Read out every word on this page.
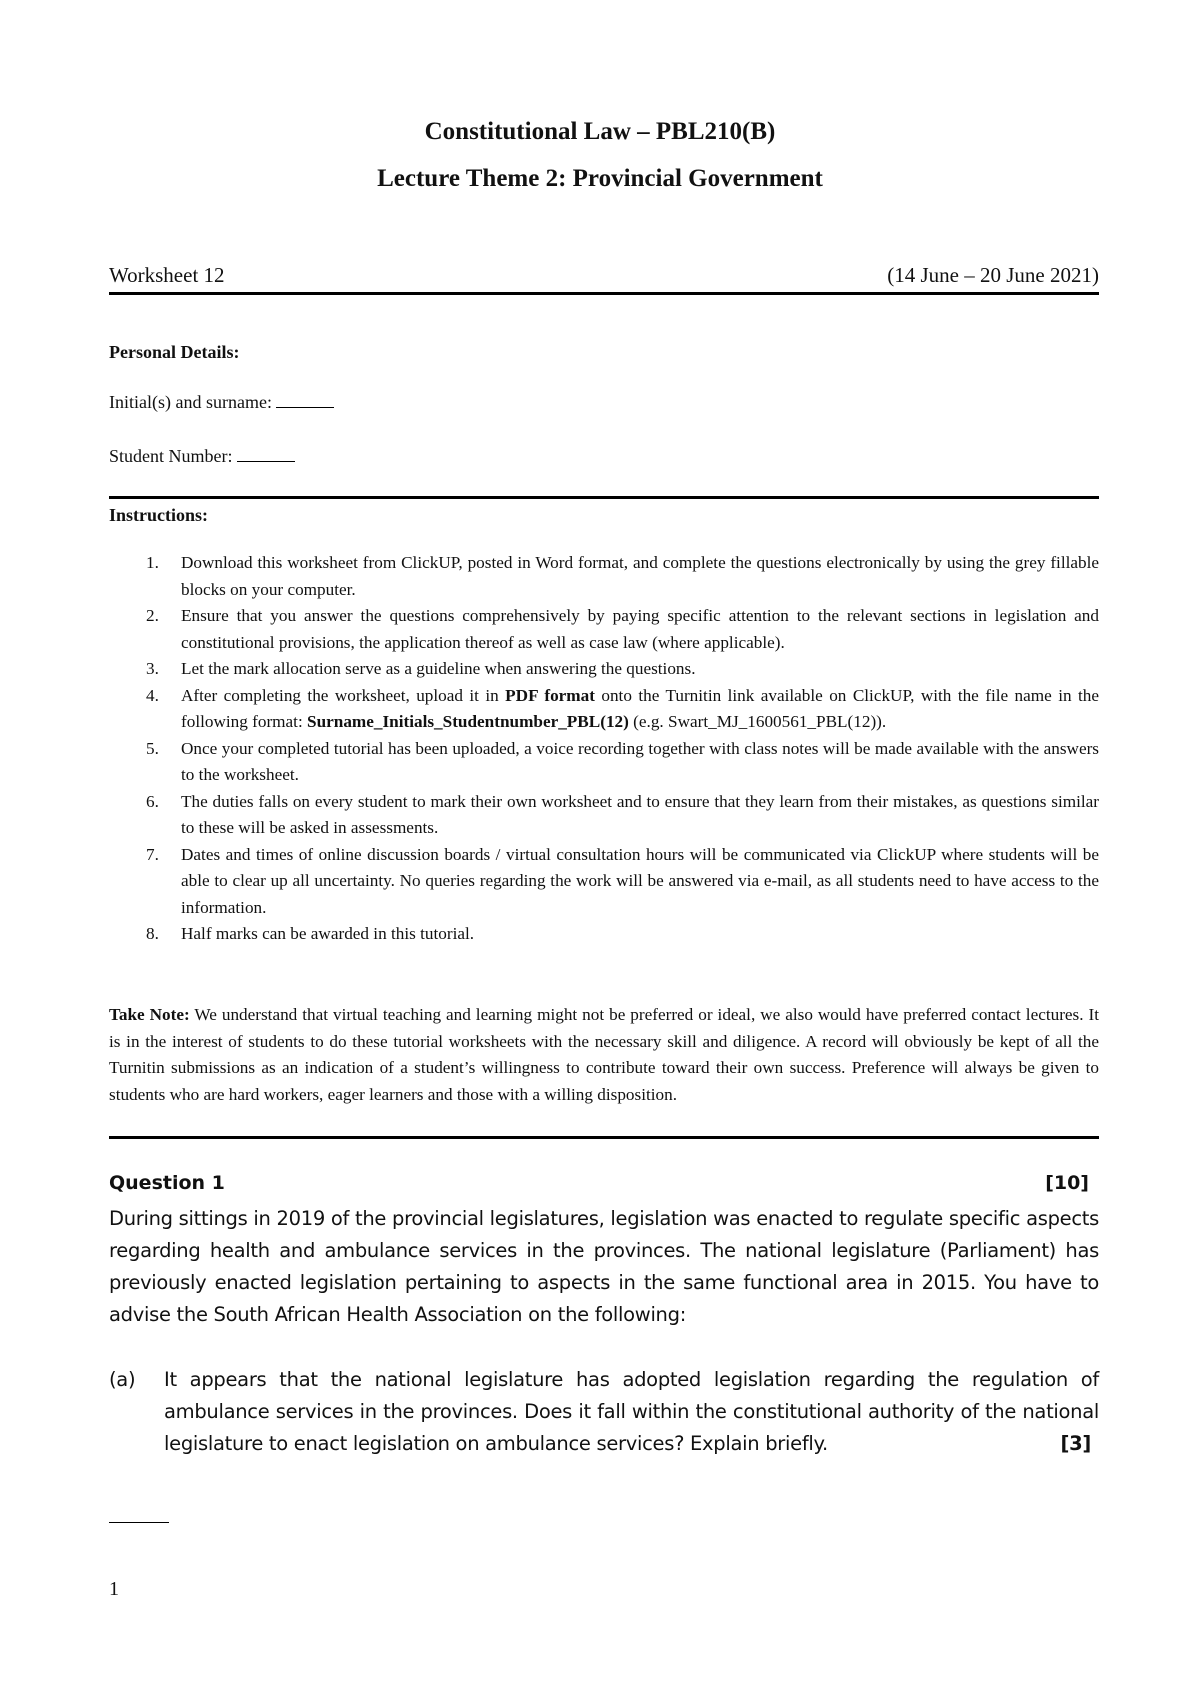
Constitutional Law – PBL210(B)
Lecture Theme 2: Provincial Government
Worksheet 12	(14 June – 20 June 2021)
Personal Details:
Initial(s) and surname:
Student Number:
Instructions:
1. Download this worksheet from ClickUP, posted in Word format, and complete the questions electronically by using the grey fillable blocks on your computer.
2. Ensure that you answer the questions comprehensively by paying specific attention to the relevant sections in legislation and constitutional provisions, the application thereof as well as case law (where applicable).
3. Let the mark allocation serve as a guideline when answering the questions.
4. After completing the worksheet, upload it in PDF format onto the Turnitin link available on ClickUP, with the file name in the following format: Surname_Initials_Studentnumber_PBL(12) (e.g. Swart_MJ_1600561_PBL(12)).
5. Once your completed tutorial has been uploaded, a voice recording together with class notes will be made available with the answers to the worksheet.
6. The duties falls on every student to mark their own worksheet and to ensure that they learn from their mistakes, as questions similar to these will be asked in assessments.
7. Dates and times of online discussion boards / virtual consultation hours will be communicated via ClickUP where students will be able to clear up all uncertainty. No queries regarding the work will be answered via e-mail, as all students need to have access to the information.
8. Half marks can be awarded in this tutorial.
Take Note: We understand that virtual teaching and learning might not be preferred or ideal, we also would have preferred contact lectures. It is in the interest of students to do these tutorial worksheets with the necessary skill and diligence. A record will obviously be kept of all the Turnitin submissions as an indication of a student’s willingness to contribute toward their own success. Preference will always be given to students who are hard workers, eager learners and those with a willing disposition.
Question 1	[10]
During sittings in 2019 of the provincial legislatures, legislation was enacted to regulate specific aspects regarding health and ambulance services in the provinces. The national legislature (Parliament) has previously enacted legislation pertaining to aspects in the same functional area in 2015. You have to advise the South African Health Association on the following:
(a) It appears that the national legislature has adopted legislation regarding the regulation of ambulance services in the provinces. Does it fall within the constitutional authority of the national legislature to enact legislation on ambulance services? Explain briefly.	[3]
1
